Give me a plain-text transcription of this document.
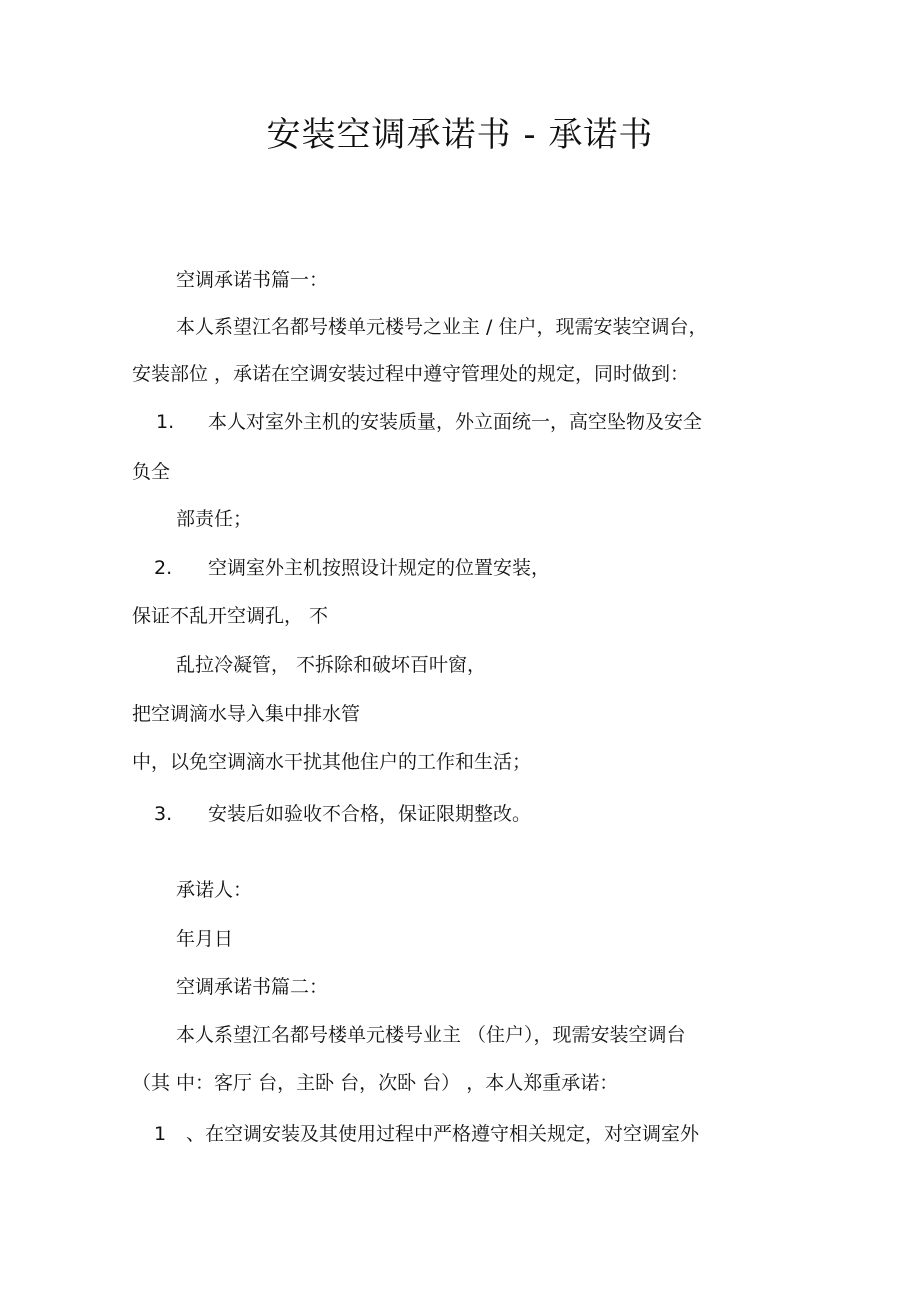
安装空调承诺书 - 承诺书
空调承诺书篇一：
本人系望江名都号楼单元楼号之业主 / 住户，现需安装空调台，
安装部位 ，承诺在空调安装过程中遵守管理处的规定，同时做到：
1. 本人对室外主机的安装质量，外立面统一，高空坠物及安全
负全
部责任；
2. 空调室外主机按照设计规定的位置安装，
保证不乱开空调孔， 不
乱拉冷凝管， 不拆除和破坏百叶窗，
把空调滴水导入集中排水管
中，以免空调滴水干扰其他住户的工作和生活；
3. 安装后如验收不合格，保证限期整改。
承诺人：
年月日
空调承诺书篇二：
本人系望江名都号楼单元楼号业主 （住户），现需安装空调台
（其 中：客厅 台，主卧 台，次卧 台） ，本人郑重承诺：
1 、在空调安装及其使用过程中严格遵守相关规定，对空调室外
